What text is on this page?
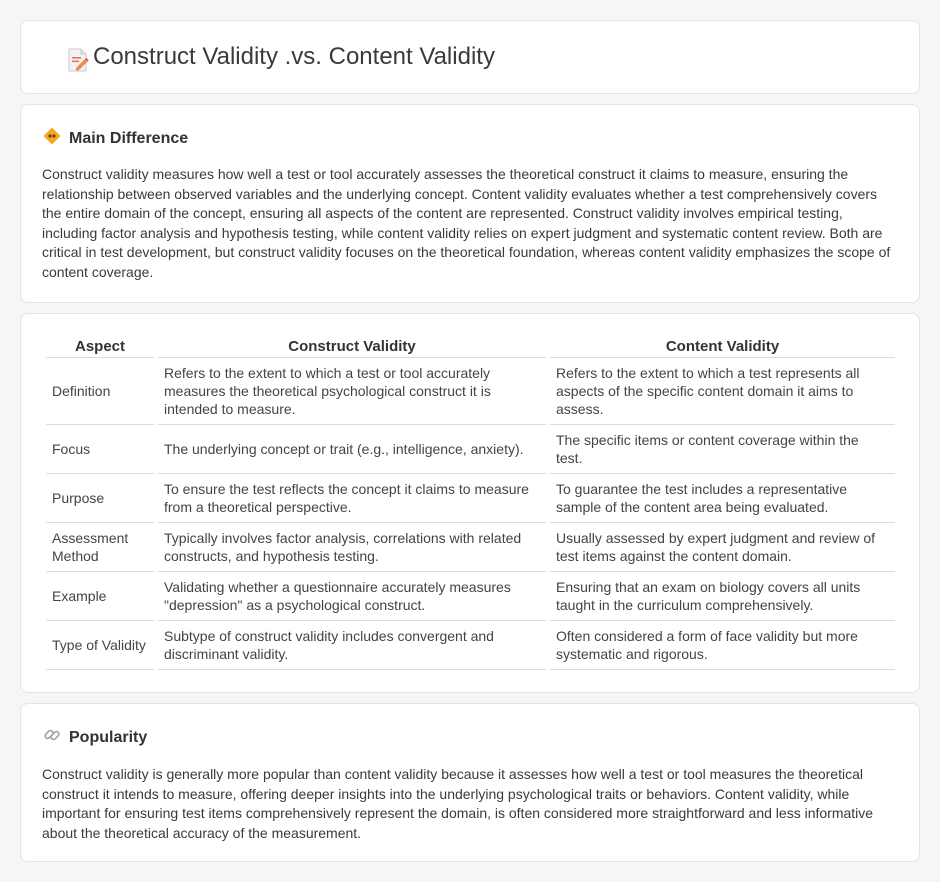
Construct Validity .vs. Content Validity
Main Difference

Construct validity measures how well a test or tool accurately assesses the theoretical construct it claims to measure, ensuring the relationship between observed variables and the underlying concept. Content validity evaluates whether a test comprehensively covers the entire domain of the concept, ensuring all aspects of the content are represented. Construct validity involves empirical testing, including factor analysis and hypothesis testing, while content validity relies on expert judgment and systematic content review. Both are critical in test development, but construct validity focuses on the theoretical foundation, whereas content validity emphasizes the scope of content coverage.

Aspect	Construct Validity	Content Validity
Definition	Refers to the extent to which a test or tool accurately measures the theoretical psychological construct it is intended to measure.	Refers to the extent to which a test represents all aspects of the specific content domain it aims to assess.
Focus	The underlying concept or trait (e.g., intelligence, anxiety).	The specific items or content coverage within the test.
Purpose	To ensure the test reflects the concept it claims to measure from a theoretical perspective.	To guarantee the test includes a representative sample of the content area being evaluated.
Assessment Method	Typically involves factor analysis, correlations with related constructs, and hypothesis testing.	Usually assessed by expert judgment and review of test items against the content domain.
Example	Validating whether a questionnaire accurately measures "depression" as a psychological construct.	Ensuring that an exam on biology covers all units taught in the curriculum comprehensively.
Type of Validity	Subtype of construct validity includes convergent and discriminant validity.	Often considered a form of face validity but more systematic and rigorous.
Popularity

Construct validity is generally more popular than content validity because it assesses how well a test or tool measures the theoretical construct it intends to measure, offering deeper insights into the underlying psychological traits or behaviors. Content validity, while important for ensuring test items comprehensively represent the domain, is often considered more straightforward and less informative about the theoretical accuracy of the measurement.
